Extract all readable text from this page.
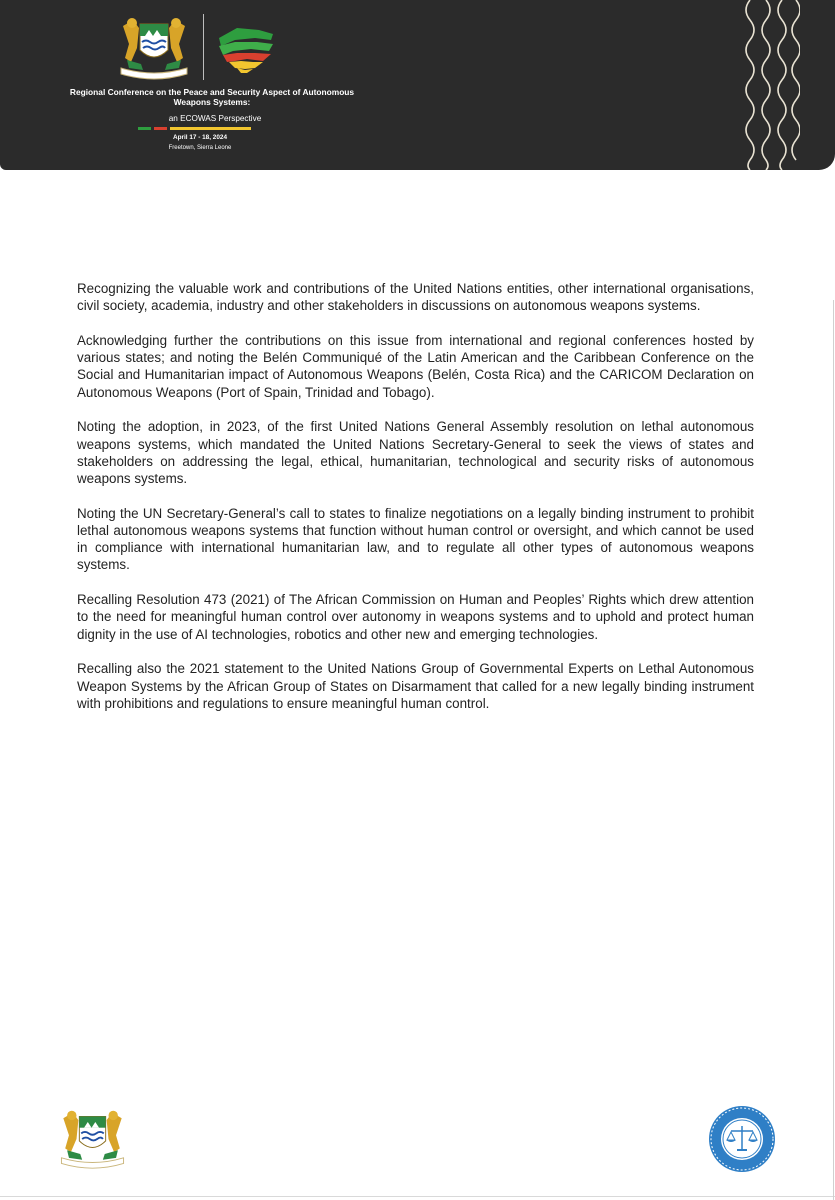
Regional Conference on the Peace and Security Aspect of Autonomous Weapons Systems:
an ECOWAS Perspective
April 17 - 18, 2024
Freetown, Sierra Leone

Recognizing the valuable work and contributions of the United Nations entities, other international organisations, civil society, academia, industry and other stakeholders in discussions on autonomous weapons systems.

Acknowledging further the contributions on this issue from international and regional conferences hosted by various states; and noting the Belén Communiqué of the Latin American and the Caribbean Conference on the Social and Humanitarian impact of Autonomous Weapons (Belén, Costa Rica) and the CARICOM Declaration on Autonomous Weapons (Port of Spain, Trinidad and Tobago).

Noting the adoption, in 2023, of the first United Nations General Assembly resolution on lethal autonomous weapons systems, which mandated the United Nations Secretary-General to seek the views of states and stakeholders on addressing the legal, ethical, humanitarian, technological and security risks of autonomous weapons systems.

Noting the UN Secretary-General’s call to states to finalize negotiations on a legally binding instrument to prohibit lethal autonomous weapons systems that function without human control or oversight, and which cannot be used in compliance with international humanitarian law, and to regulate all other types of autonomous weapons systems.

Recalling Resolution 473 (2021) of The African Commission on Human and Peoples’ Rights which drew attention to the need for meaningful human control over autonomy in weapons systems and to uphold and protect human dignity in the use of AI technologies, robotics and other new and emerging technologies.

Recalling also the 2021 statement to the United Nations Group of Governmental Experts on Lethal Autonomous Weapon Systems by the African Group of States on Disarmament that called for a new legally binding instrument with prohibitions and regulations to ensure meaningful human control.
